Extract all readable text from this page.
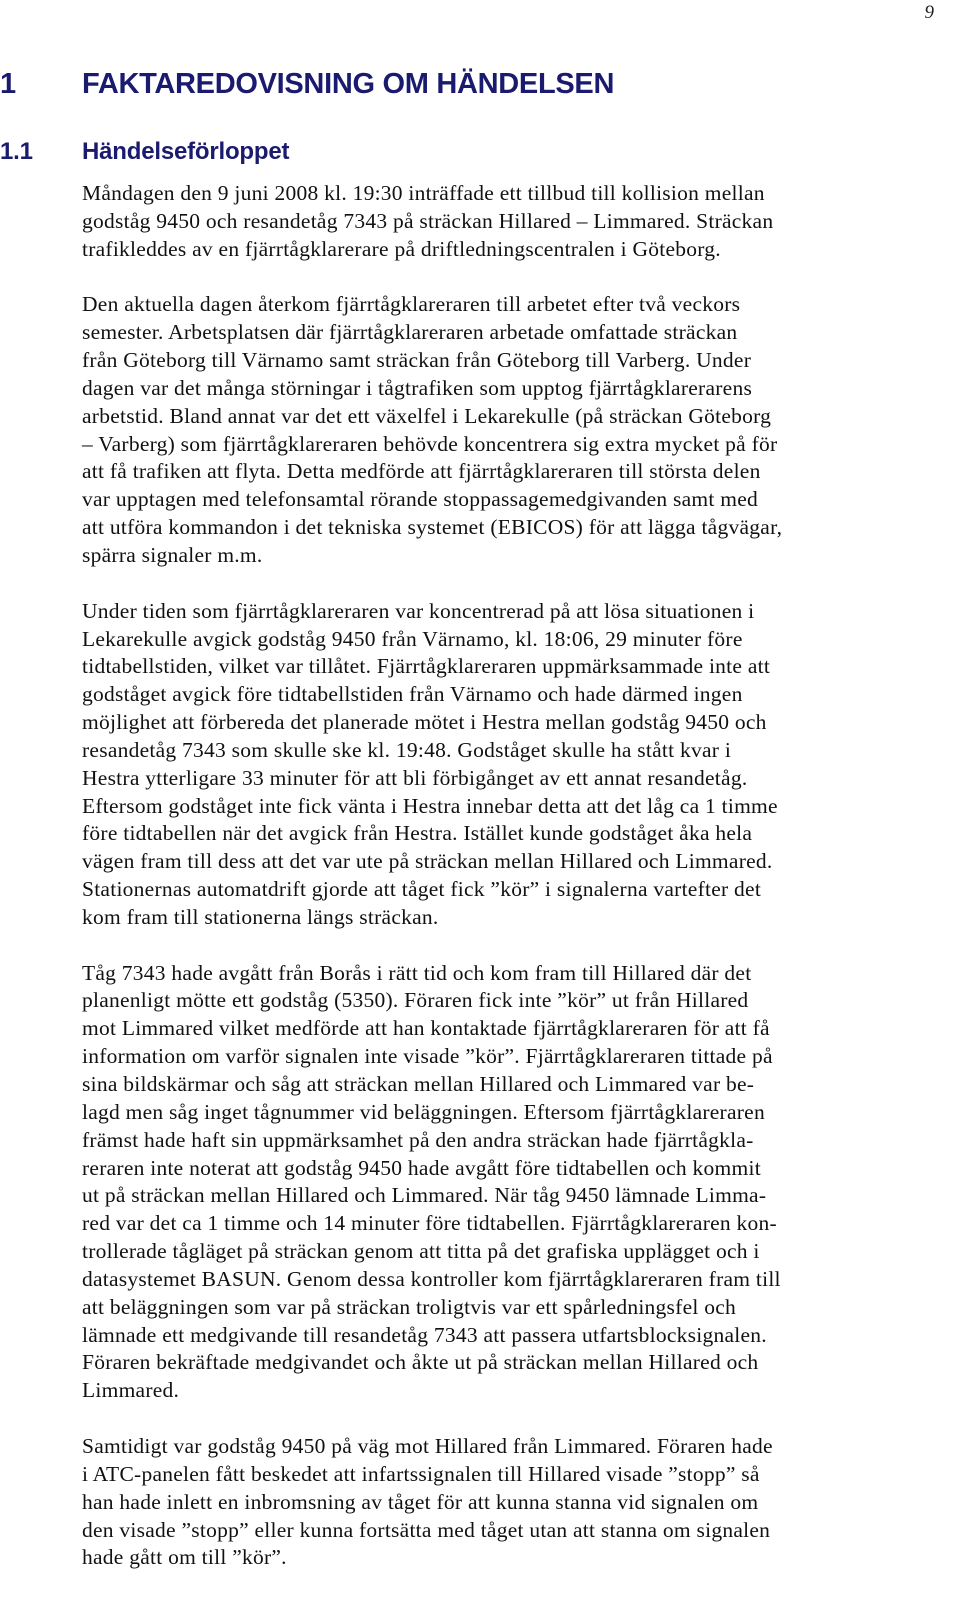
9
1 FAKTAREDOVISNING OM HÄNDELSEN
1.1 Händelseförloppet

Måndagen den 9 juni 2008 kl. 19:30 inträffade ett tillbud till kollision mellan
godståg 9450 och resandetåg 7343 på sträckan Hillared – Limmared. Sträckan
trafikleddes av en fjärrtågklarerare på driftledningscentralen i Göteborg.

Den aktuella dagen återkom fjärrtågklareraren till arbetet efter två veckors
semester. Arbetsplatsen där fjärrtågklareraren arbetade omfattade sträckan
från Göteborg till Värnamo samt sträckan från Göteborg till Varberg. Under
dagen var det många störningar i tågtrafiken som upptog fjärrtågklarerarens
arbetstid. Bland annat var det ett växelfel i Lekarekulle (på sträckan Göteborg
– Varberg) som fjärrtågklareraren behövde koncentrera sig extra mycket på för
att få trafiken att flyta. Detta medförde att fjärrtågklareraren till största delen
var upptagen med telefonsamtal rörande stoppassagemedgivanden samt med
att utföra kommandon i det tekniska systemet (EBICOS) för att lägga tågvägar,
spärra signaler m.m.

Under tiden som fjärrtågklareraren var koncentrerad på att lösa situationen i
Lekarekulle avgick godståg 9450 från Värnamo, kl. 18:06, 29 minuter före
tidtabellstiden, vilket var tillåtet. Fjärrtågklareraren uppmärksammade inte att
godståget avgick före tidtabellstiden från Värnamo och hade därmed ingen
möjlighet att förbereda det planerade mötet i Hestra mellan godståg 9450 och
resandetåg 7343 som skulle ske kl. 19:48. Godståget skulle ha stått kvar i
Hestra ytterligare 33 minuter för att bli förbigånget av ett annat resandetåg.
Eftersom godståget inte fick vänta i Hestra innebar detta att det låg ca 1 timme
före tidtabellen när det avgick från Hestra. Istället kunde godståget åka hela
vägen fram till dess att det var ute på sträckan mellan Hillared och Limmared.
Stationernas automatdrift gjorde att tåget fick ”kör” i signalerna vartefter det
kom fram till stationerna längs sträckan.

Tåg 7343 hade avgått från Borås i rätt tid och kom fram till Hillared där det
planenligt mötte ett godståg (5350). Föraren fick inte ”kör” ut från Hillared
mot Limmared vilket medförde att han kontaktade fjärrtågklareraren för att få
information om varför signalen inte visade ”kör”. Fjärrtågklareraren tittade på
sina bildskärmar och såg att sträckan mellan Hillared och Limmared var be-
lagd men såg inget tågnummer vid beläggningen. Eftersom fjärrtågklareraren
främst hade haft sin uppmärksamhet på den andra sträckan hade fjärrtågkla-
reraren inte noterat att godståg 9450 hade avgått före tidtabellen och kommit
ut på sträckan mellan Hillared och Limmared. När tåg 9450 lämnade Limma-
red var det ca 1 timme och 14 minuter före tidtabellen. Fjärrtågklareraren kon-
trollerade tågläget på sträckan genom att titta på det grafiska upplägget och i
datasystemet BASUN. Genom dessa kontroller kom fjärrtågklareraren fram till
att beläggningen som var på sträckan troligtvis var ett spårledningsfel och
lämnade ett medgivande till resandetåg 7343 att passera utfartsblocksignalen.
Föraren bekräftade medgivandet och åkte ut på sträckan mellan Hillared och
Limmared.

Samtidigt var godståg 9450 på väg mot Hillared från Limmared. Föraren hade
i ATC-panelen fått beskedet att infartssignalen till Hillared visade ”stopp” så
han hade inlett en inbromsning av tåget för att kunna stanna vid signalen om
den visade ”stopp” eller kunna fortsätta med tåget utan att stanna om signalen
hade gått om till ”kör”.
